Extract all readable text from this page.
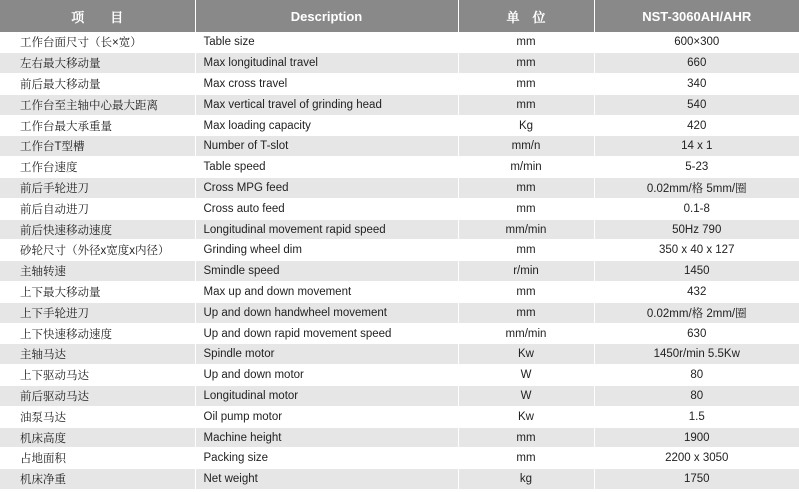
项　　目	Description	单　位	NST-3060AH/AHR
工作台面尺寸（长×宽）	Table size	mm	600×300
左右最大移动量	Max longitudinal travel	mm	660
前后最大移动量	Max cross travel	mm	340
工作台至主轴中心最大距离	Max vertical travel of grinding head	mm	540
工作台最大承重量	Max loading capacity	Kg	420
工作台T型槽	Number of T-slot	mm/n	14 x 1
工作台速度	Table speed	m/min	5-23
前后手轮进刀	Cross MPG feed	mm	0.02mm/格 5mm/圈
前后自动进刀	Cross auto feed	mm	0.1-8
前后快速移动速度	Longitudinal movement rapid speed	mm/min	50Hz 790
砂轮尺寸（外径x宽度x内径）	Grinding wheel dim	mm	350 x 40 x 127
主轴转速	Smindle speed	r/min	1450
上下最大移动量	Max up and down movement	mm	432
上下手轮进刀	Up and down handwheel movement	mm	0.02mm/格 2mm/圈
上下快速移动速度	Up and down rapid movement speed	mm/min	630
主轴马达	Spindle motor	Kw	1450r/min 5.5Kw
上下驱动马达	Up and down motor	W	80
前后驱动马达	Longitudinal motor	W	80
油泵马达	Oil pump motor	Kw	1.5
机床高度	Machine height	mm	1900
占地面积	Packing size	mm	2200 x 3050
机床净重	Net weight	kg	1750
